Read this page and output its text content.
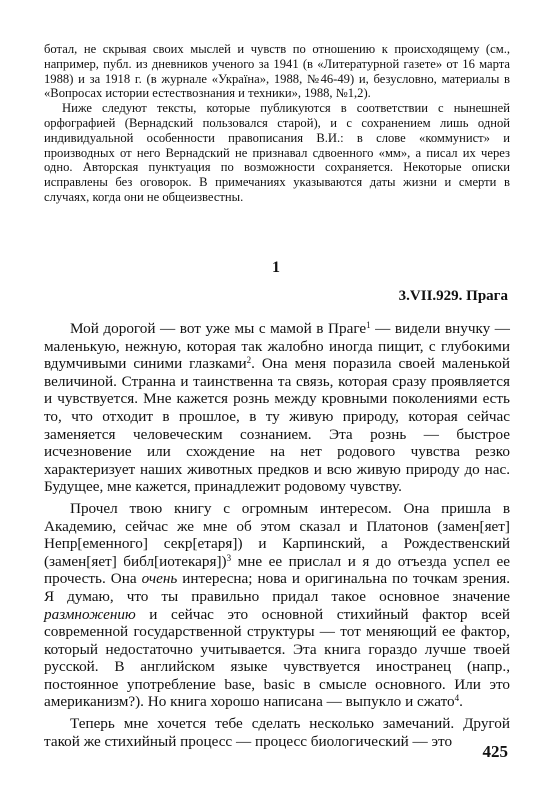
ботал, не скрывая своих мыслей и чувств по отношению к происходящему (см., например, публ. из дневников ученого за 1941 (в «Литературной газете» от 16 марта 1988) и за 1918 г. (в журнале «Україна», 1988, №46-49) и, безусловно, материалы в «Вопросах истории естествознания и техники», 1988, №1,2).

Ниже следуют тексты, которые публикуются в соответствии с нынешней орфографией (Вернадский пользовался старой), и с сохранением лишь одной индивидуальной особенности правописания В.И.: в слове «коммунист» и производных от него Вернадский не признавал сдвоенного «мм», а писал их через одно. Авторская пунктуация по возможности сохраняется. Некоторые описки исправлены без оговорок. В примечаниях указываются даты жизни и смерти в случаях, когда они не общеизвестны.

1
3.VII.929. Прага

Мой дорогой — вот уже мы с мамой в Праге$^1$ — видели внучку — маленькую, нежную, которая так жалобно иногда пищит, с глубокими вдумчивыми синими глазками$^2$. Она меня поразила своей маленькой величиной. Странна и таинственна та связь, которая сразу проявляется и чувствуется. Мне кажется рознь между кровными поколениями есть то, что отходит в прошлое, в ту живую природу, которая сейчас заменяется человеческим сознанием. Эта рознь — быстрое исчезновение или схождение на нет родового чувства резко характеризует наших животных предков и всю живую природу до нас. Будущее, мне кажется, принадлежит родовому чувству.

Прочел твою книгу с огромным интересом. Она пришла в Академию, сейчас же мне об этом сказал и Платонов (замен[яет] Непр[еменного] секр[етаря]) и Карпинский, а Рождественский (замен[яет] библ[иотекаря])$^3$ мне ее прислал и я до отъезда успел ее прочесть. Она очень интересна; нова и оригинальна по точкам зрения. Я думаю, что ты правильно придал такое основное значение размножению и сейчас это основной стихийный фактор всей современной государственной структуры — тот меняющий ее фактор, который недостаточно учитывается. Эта книга гораздо лучше твоей русской. В английском языке чувствуется иностранец (напр., постоянное употребление base, basic в смысле основного. Или это американизм?). Но книга хорошо написана — выпукло и сжато$^4$.

Теперь мне хочется тебе сделать несколько замечаний. Другой такой же стихийный процесс — процесс биологический — это

425
